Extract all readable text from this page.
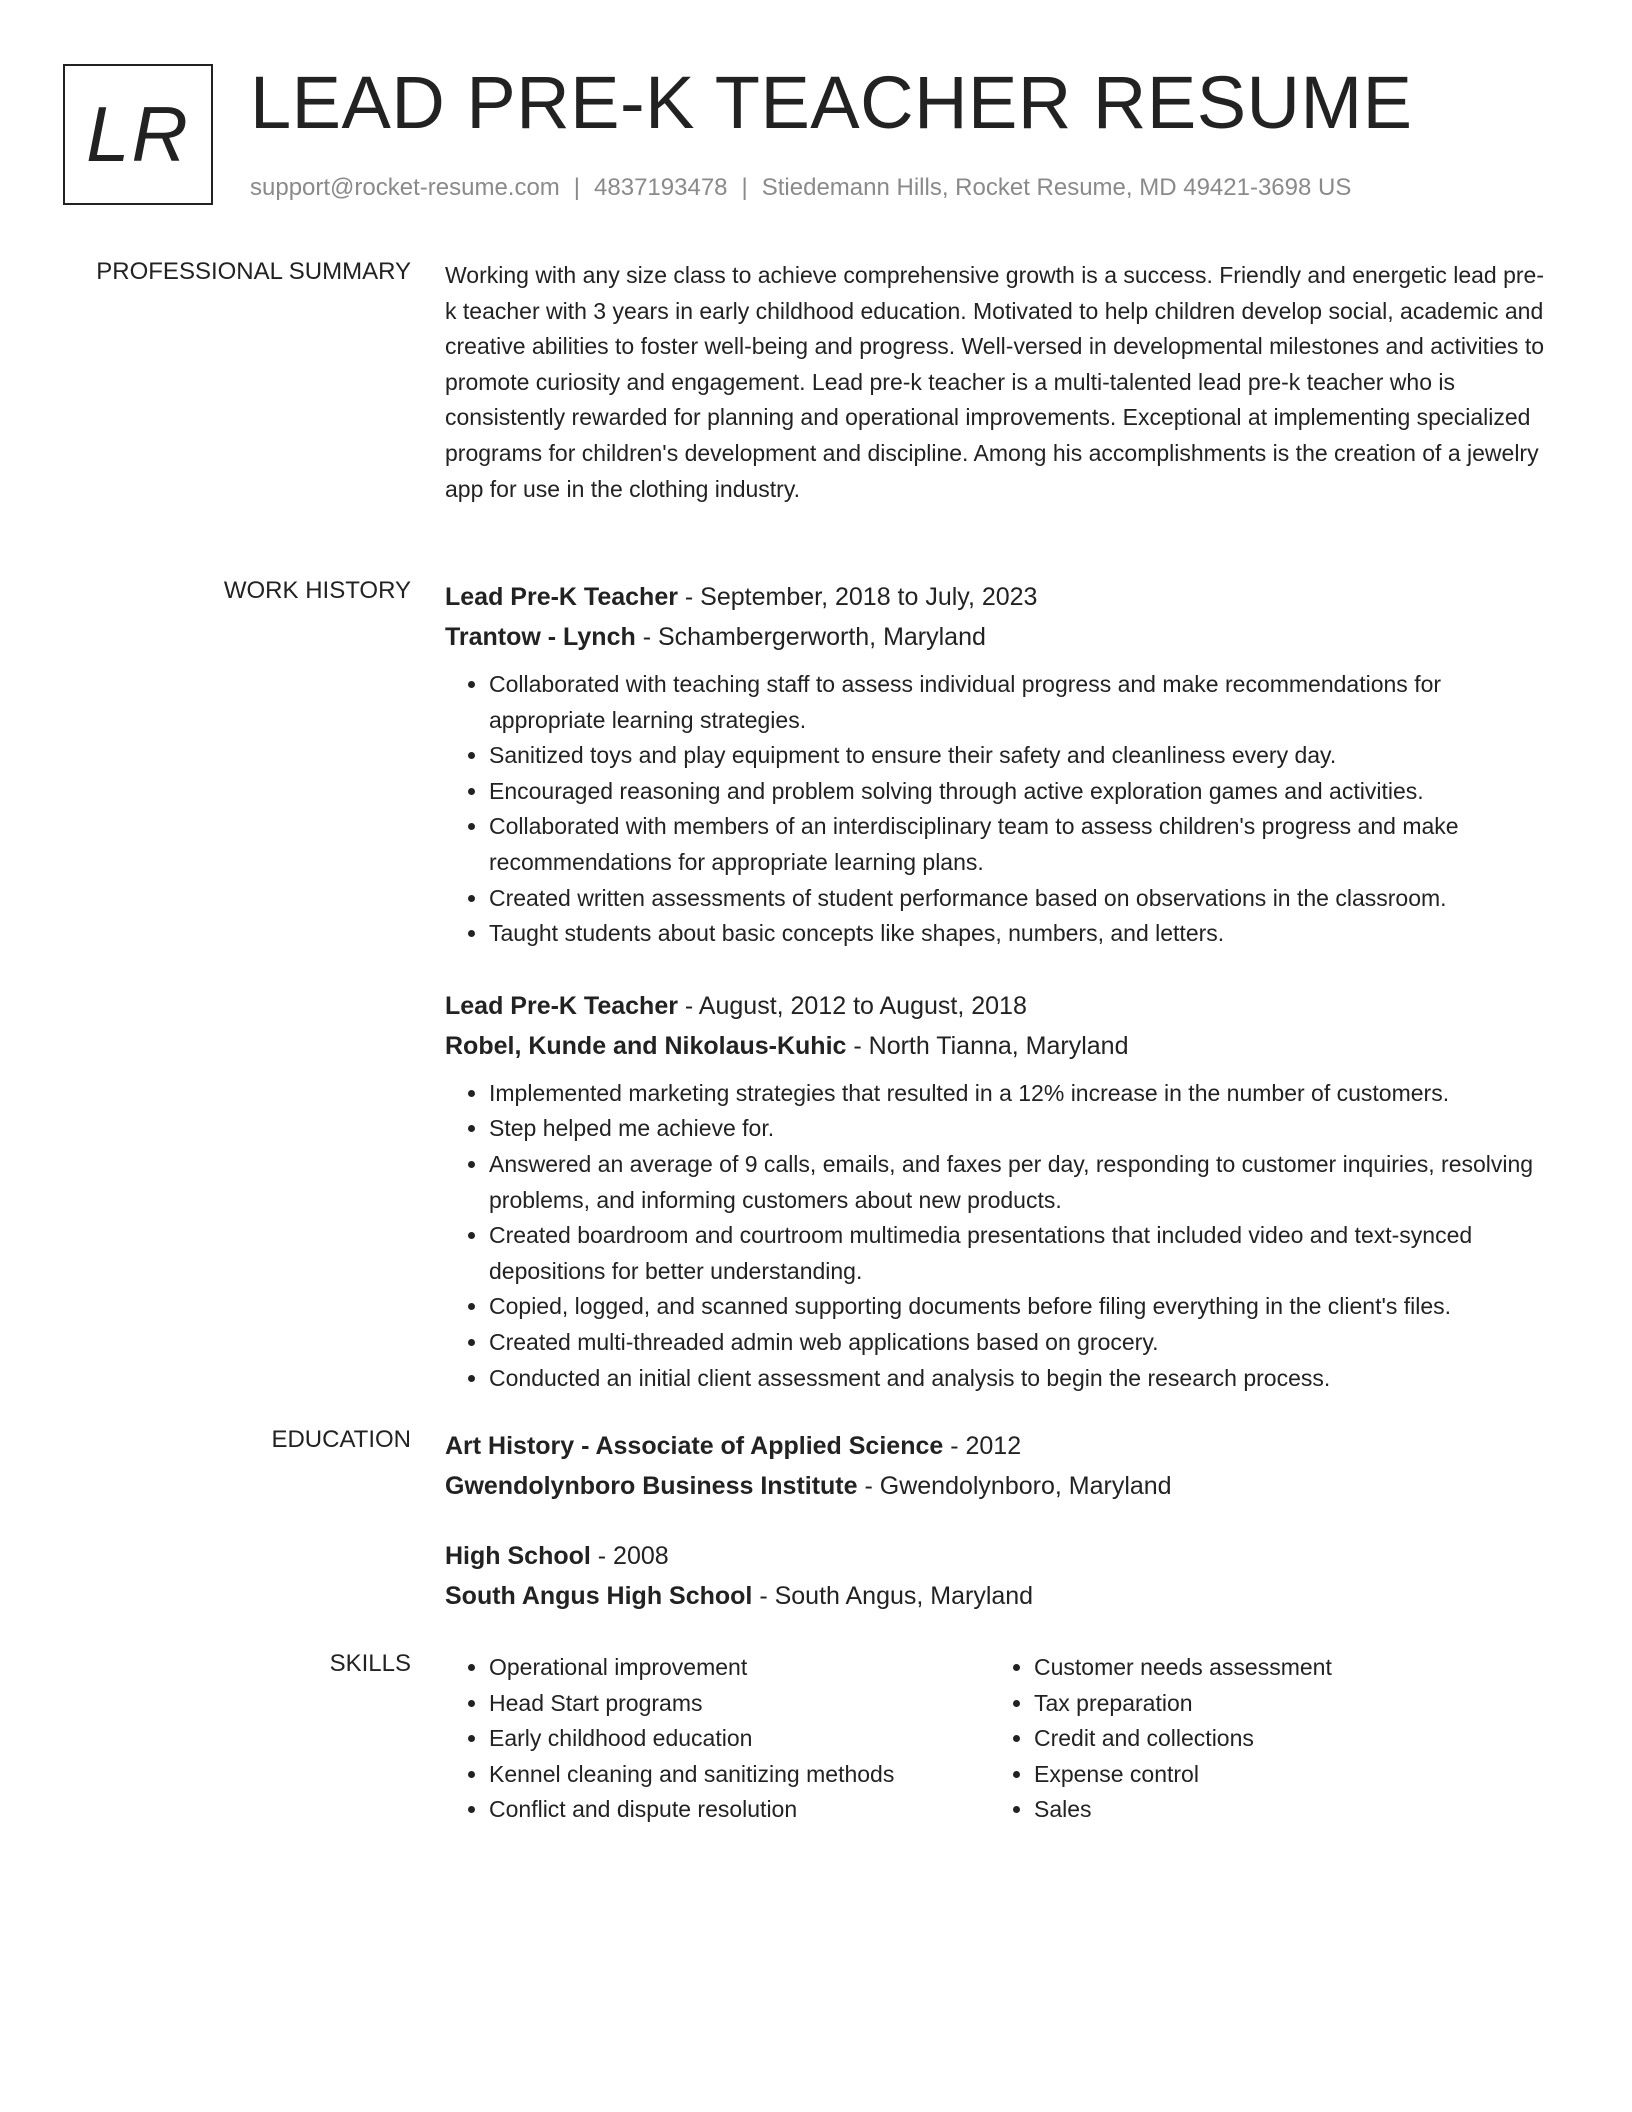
LR LEAD PRE-K TEACHER RESUME
support@rocket-resume.com | 4837193478 | Stiedemann Hills, Rocket Resume, MD 49421-3698 US
PROFESSIONAL SUMMARY Working with any size class to achieve comprehensive growth is a success. Friendly and energetic lead pre-k teacher with 3 years in early childhood education. Motivated to help children develop social, academic and creative abilities to foster well-being and progress. Well-versed in developmental milestones and activities to promote curiosity and engagement. Lead pre-k teacher is a multi-talented lead pre-k teacher who is consistently rewarded for planning and operational improvements. Exceptional at implementing specialized programs for children's development and discipline. Among his accomplishments is the creation of a jewelry app for use in the clothing industry.

WORK HISTORY Lead Pre-K Teacher - September, 2018 to July, 2023
Trantow - Lynch - Schambergerworth, Maryland
• Collaborated with teaching staff to assess individual progress and make recommendations for appropriate learning strategies.
• Sanitized toys and play equipment to ensure their safety and cleanliness every day.
• Encouraged reasoning and problem solving through active exploration games and activities.
• Collaborated with members of an interdisciplinary team to assess children's progress and make recommendations for appropriate learning plans.
• Created written assessments of student performance based on observations in the classroom.
• Taught students about basic concepts like shapes, numbers, and letters.
Lead Pre-K Teacher - August, 2012 to August, 2018
Robel, Kunde and Nikolaus-Kuhic - North Tianna, Maryland
• Implemented marketing strategies that resulted in a 12% increase in the number of customers.
• Step helped me achieve for.
• Answered an average of 9 calls, emails, and faxes per day, responding to customer inquiries, resolving problems, and informing customers about new products.
• Created boardroom and courtroom multimedia presentations that included video and text-synced depositions for better understanding.
• Copied, logged, and scanned supporting documents before filing everything in the client's files.
• Created multi-threaded admin web applications based on grocery.
• Conducted an initial client assessment and analysis to begin the research process.
EDUCATION Art History - Associate of Applied Science - 2012
Gwendolynboro Business Institute - Gwendolynboro, Maryland
High School - 2008
South Angus High School - South Angus, Maryland
SKILLS
•	Operational improvement
• Head Start programs
• Early childhood education
• Kennel cleaning and sanitizing methods
• Conflict and dispute resolution
• Customer needs assessment
• Tax preparation
• Credit and collections
• Expense control
• Sales
